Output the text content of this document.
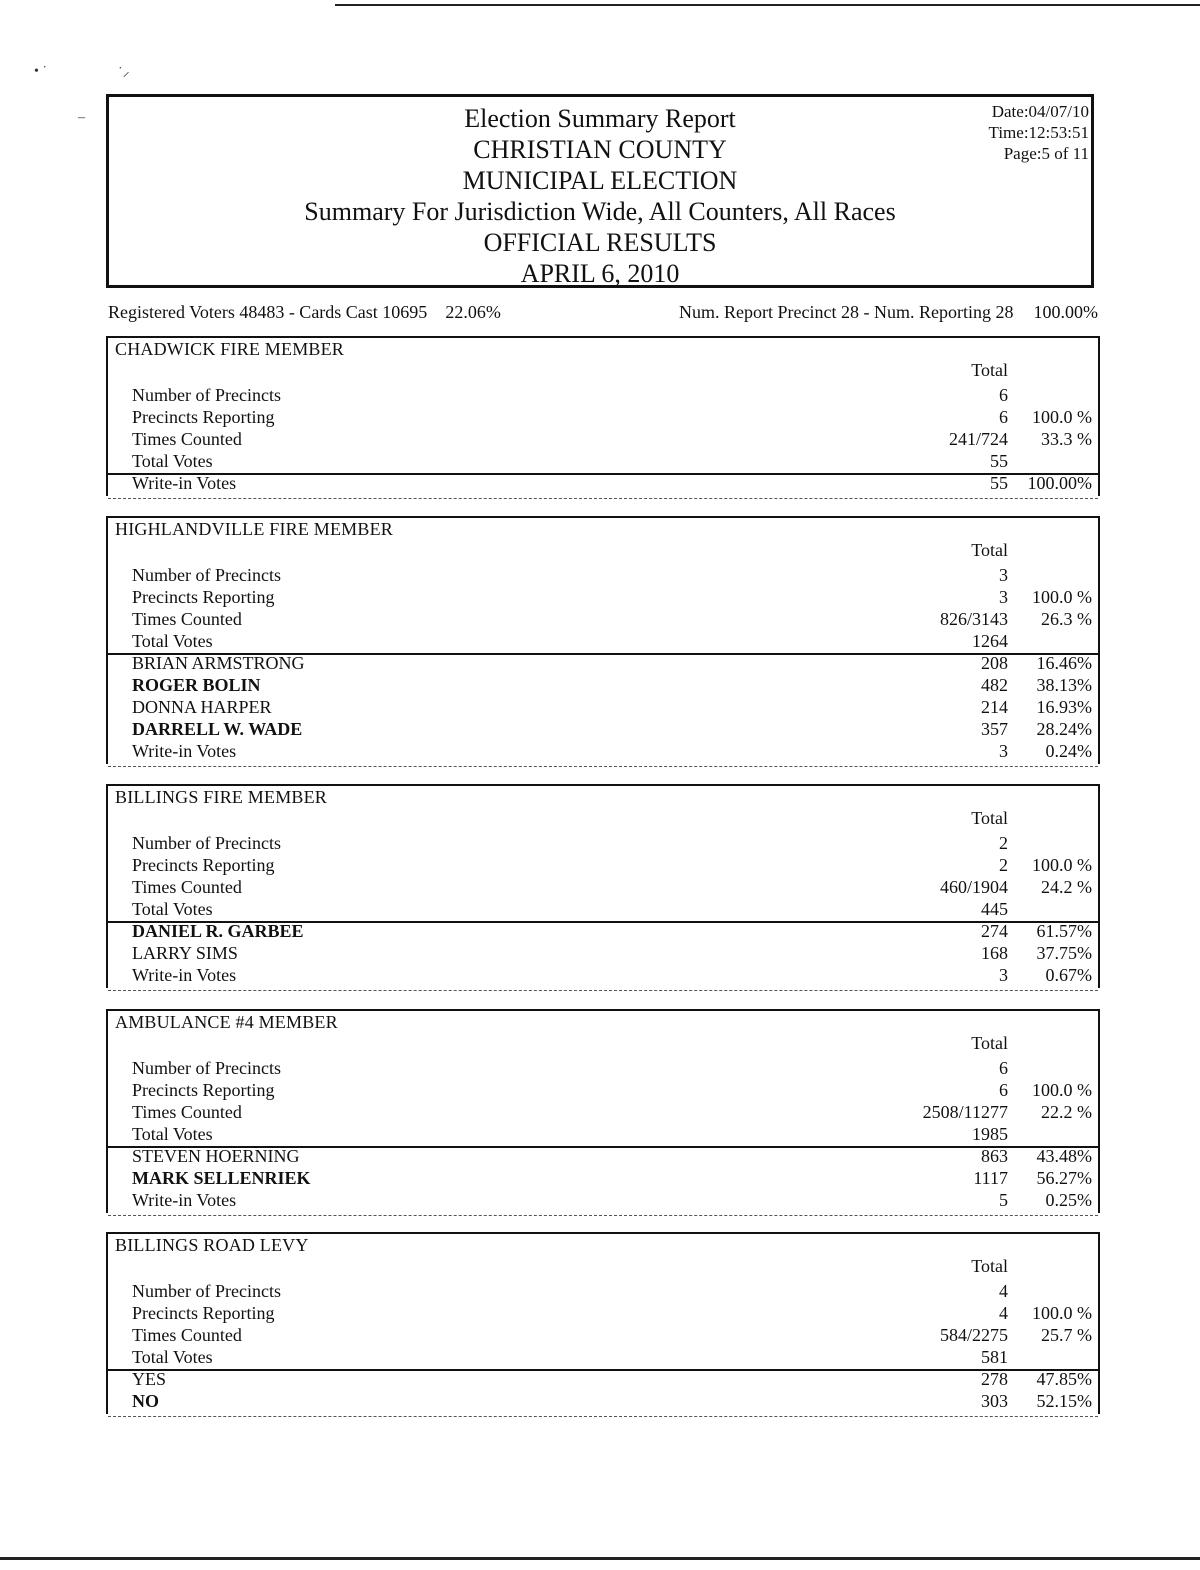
• ˙	˙⸝
–	Election Summary Report
CHRISTIAN COUNTY
MUNICIPAL ELECTION
Summary For Jurisdiction Wide, All Counters, All Races
OFFICIAL RESULTS
APRIL 6, 2010
Date:04/07/10
Time:12:53:51
Page:5 of 11
Registered Voters 48483 - Cards Cast 10695 22.06%	Num. Report Precinct 28 - Num. Reporting 28 100.00%
CHADWICK FIRE MEMBER
Total
Number of Precincts	6
Precincts Reporting	6	100.0 %
Times Counted	241/724	33.3 %
Total Votes	55
Write-in Votes	55	100.00%
HIGHLANDVILLE FIRE MEMBER
Total
Number of Precincts	3
Precincts Reporting	3	100.0 %
Times Counted	826/3143	26.3 %
Total Votes	1264
BRIAN ARMSTRONG	208	16.46%
ROGER BOLIN	482	38.13%
DONNA HARPER	214	16.93%
DARRELL W. WADE	357	28.24%
Write-in Votes	3	0.24%
BILLINGS FIRE MEMBER
Total
Number of Precincts	2
Precincts Reporting	2	100.0 %
Times Counted	460/1904	24.2 %
Total Votes	445
DANIEL R. GARBEE	274	61.57%
LARRY SIMS	168	37.75%
Write-in Votes	3	0.67%
AMBULANCE #4 MEMBER
Total
Number of Precincts	6
Precincts Reporting	6	100.0 %
Times Counted	2508/11277	22.2 %
Total Votes	1985
STEVEN HOERNING	863	43.48%
MARK SELLENRIEK	1117	56.27%
Write-in Votes	5	0.25%
BILLINGS ROAD LEVY
Total
Number of Precincts	4
Precincts Reporting	4	100.0 %
Times Counted	584/2275	25.7 %
Total Votes	581
YES	278	47.85%
NO	303	52.15%
